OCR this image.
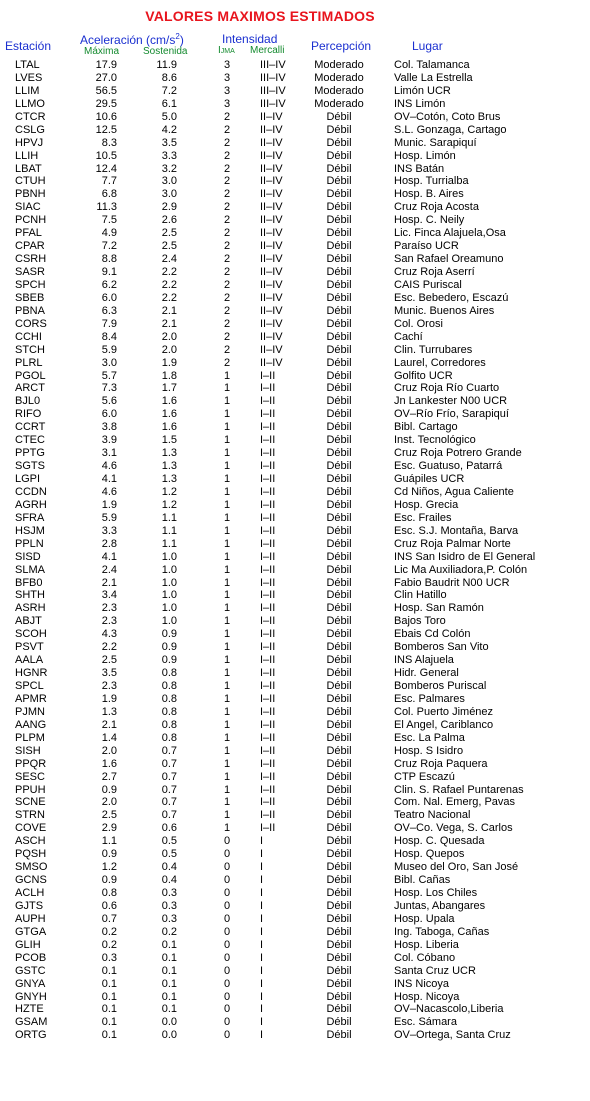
VALORES MAXIMOS ESTIMADOS
Estación Aceleración $(cm/s^2)$
Máxima Sostenida
Intensidad
IJMA Mercalli Percepción	Lugar
LTAL	17.9	11.9	3	III–IV	Moderado	Col. Talamanca
LVES	27.0	8.6	3	III–IV	Moderado	Valle La Estrella
LLIM	56.5	7.2	3	III–IV	Moderado	Limón UCR
LLMO	29.5	6.1	3	III–IV	Moderado	INS Limón
CTCR	10.6	5.0	2	II–IV	Débil	OV–Cotón, Coto Brus
CSLG	12.5	4.2	2	II–IV	Débil	S.L. Gonzaga, Cartago
HPVJ	8.3	3.5	2	II–IV	Débil	Munic. Sarapiquí
LLIH	10.5	3.3	2	II–IV	Débil	Hosp. Limón
LBAT	12.4	3.2	2	II–IV	Débil	INS Batán
CTUH	7.7	3.0	2	II–IV	Débil	Hosp. Turrialba
PBNH	6.8	3.0	2	II–IV	Débil	Hosp. B. Aires
SIAC	11.3	2.9	2	II–IV	Débil	Cruz Roja Acosta
PCNH	7.5	2.6	2	II–IV	Débil	Hosp. C. Neily
PFAL	4.9	2.5	2	II–IV	Débil	Lic. Finca Alajuela,Osa
CPAR	7.2	2.5	2	II–IV	Débil	Paraíso UCR
CSRH	8.8	2.4	2	II–IV	Débil	San Rafael Oreamuno
SASR	9.1	2.2	2	II–IV	Débil	Cruz Roja Aserrí
SPCH	6.2	2.2	2	II–IV	Débil	CAIS Puriscal
SBEB	6.0	2.2	2	II–IV	Débil	Esc. Bebedero, Escazú
PBNA	6.3	2.1	2	II–IV	Débil	Munic. Buenos Aires
CORS	7.9	2.1	2	II–IV	Débil	Col. Orosi
CCHI	8.4	2.0	2	II–IV	Débil	Cachí
STCH	5.9	2.0	2	II–IV	Débil	Clin. Turrubares
PLRL	3.0	1.9	2	II–IV	Débil	Laurel, Corredores
PGOL	5.7	1.8	1	I–II	Débil	Golfito UCR
ARCT	7.3	1.7	1	I–II	Débil	Cruz Roja Río Cuarto
BJL0	5.6	1.6	1	I–II	Débil	Jn Lankester N00 UCR
RIFO	6.0	1.6	1	I–II	Débil	OV–Río Frío, Sarapiquí
CCRT	3.8	1.6	1	I–II	Débil	Bibl. Cartago
CTEC	3.9	1.5	1	I–II	Débil	Inst. Tecnológico
PPTG	3.1	1.3	1	I–II	Débil	Cruz Roja Potrero Grande
SGTS	4.6	1.3	1	I–II	Débil	Esc. Guatuso, Patarrá
LGPI	4.1	1.3	1	I–II	Débil	Guápiles UCR
CCDN	4.6	1.2	1	I–II	Débil	Cd Niños, Agua Caliente
AGRH	1.9	1.2	1	I–II	Débil	Hosp. Grecia
SFRA	5.9	1.1	1	I–II	Débil	Esc. Frailes
HSJM	3.3	1.1	1	I–II	Débil	Esc. S.J. Montaña, Barva
PPLN	2.8	1.1	1	I–II	Débil	Cruz Roja Palmar Norte
SISD	4.1	1.0	1	I–II	Débil	INS San Isidro de El General
SLMA	2.4	1.0	1	I–II	Débil	Lic Ma Auxiliadora,P. Colón
BFB0	2.1	1.0	1	I–II	Débil	Fabio Baudrit N00 UCR
SHTH	3.4	1.0	1	I–II	Débil	Clin Hatillo
ASRH	2.3	1.0	1	I–II	Débil	Hosp. San Ramón
ABJT	2.3	1.0	1	I–II	Débil	Bajos Toro
SCOH	4.3	0.9	1	I–II	Débil	Ebais Cd Colón
PSVT	2.2	0.9	1	I–II	Débil	Bomberos San Vito
AALA	2.5	0.9	1	I–II	Débil	INS Alajuela
HGNR	3.5	0.8	1	I–II	Débil	Hidr. General
SPCL	2.3	0.8	1	I–II	Débil	Bomberos Puriscal
APMR	1.9	0.8	1	I–II	Débil	Esc. Palmares
PJMN	1.3	0.8	1	I–II	Débil	Col. Puerto Jiménez
AANG	2.1	0.8	1	I–II	Débil	El Angel, Cariblanco
PLPM	1.4	0.8	1	I–II	Débil	Esc. La Palma
SISH	2.0	0.7	1	I–II	Débil	Hosp. S Isidro
PPQR	1.6	0.7	1	I–II	Débil	Cruz Roja Paquera
SESC	2.7	0.7	1	I–II	Débil	CTP Escazú
PPUH	0.9	0.7	1	I–II	Débil	Clin. S. Rafael Puntarenas
SCNE	2.0	0.7	1	I–II	Débil	Com. Nal. Emerg, Pavas
STRN	2.5	0.7	1	I–II	Débil	Teatro Nacional
COVE	2.9	0.6	1	I–II	Débil	OV–Co. Vega, S. Carlos
ASCH	1.1	0.5	0	I	Débil	Hosp. C. Quesada
PQSH	0.9	0.5	0	I	Débil	Hosp. Quepos
SMSO	1.2	0.4	0	I	Débil	Museo del Oro, San José
GCNS	0.9	0.4	0	I	Débil	Bibl. Cañas
ACLH	0.8	0.3	0	I	Débil	Hosp. Los Chiles
GJTS	0.6	0.3	0	I	Débil	Juntas, Abangares
AUPH	0.7	0.3	0	I	Débil	Hosp. Upala
GTGA	0.2	0.2	0	I	Débil	Ing. Taboga, Cañas
GLIH	0.2	0.1	0	I	Débil	Hosp. Liberia
PCOB	0.3	0.1	0	I	Débil	Col. Cóbano
GSTC	0.1	0.1	0	I	Débil	Santa Cruz UCR
GNYA	0.1	0.1	0	I	Débil	INS Nicoya
GNYH	0.1	0.1	0	I	Débil	Hosp. Nicoya
HZTE	0.1	0.1	0	I	Débil	OV–Nacascolo,Liberia
GSAM	0.1	0.0	0	I	Débil	Esc. Sámara
ORTG	0.1	0.0	0	I	Débil	OV–Ortega, Santa Cruz
